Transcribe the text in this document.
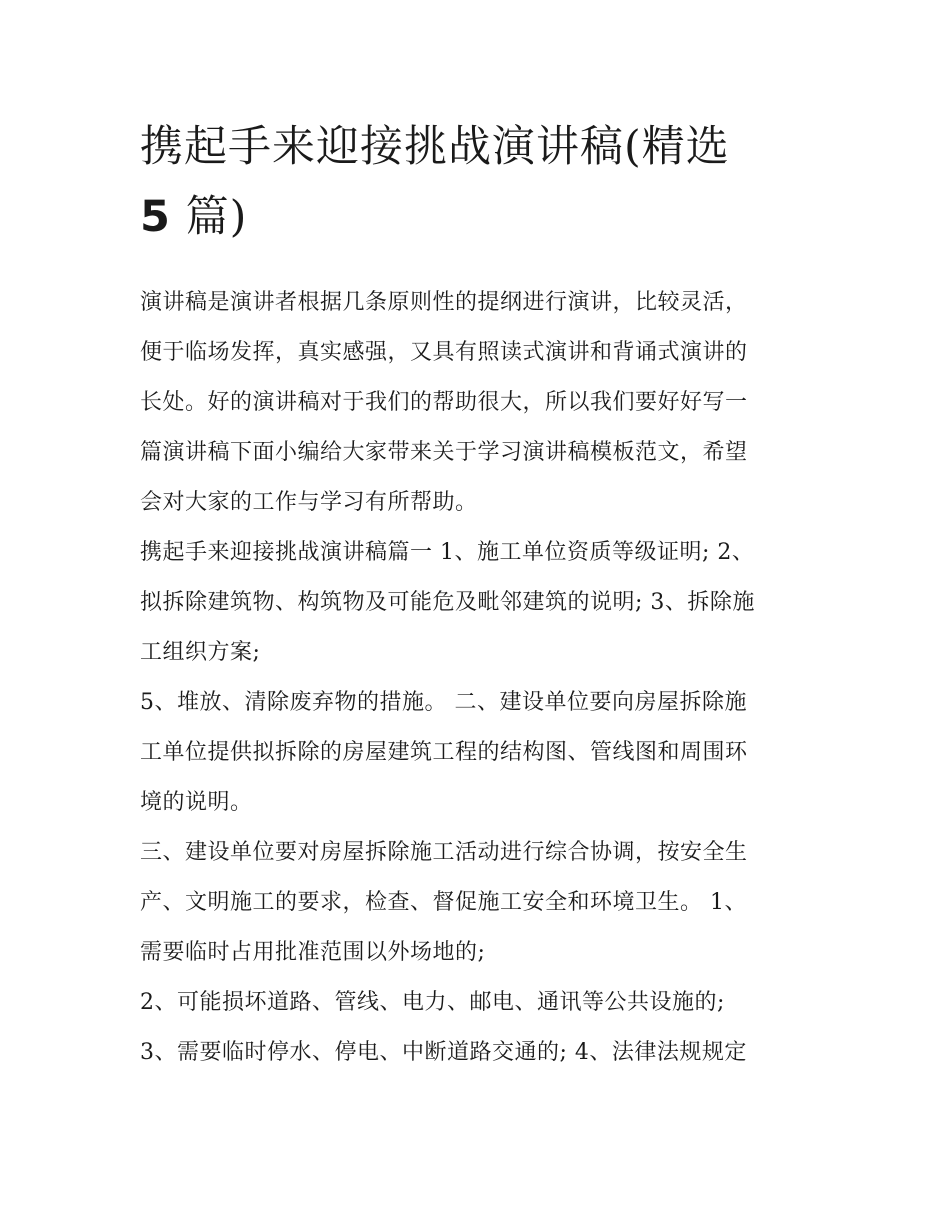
携起手来迎接挑战演讲稿(精选
5 篇)
演讲稿是演讲者根据几条原则性的提纲进行演讲，比较灵活，
便于临场发挥，真实感强，又具有照读式演讲和背诵式演讲的
长处。好的演讲稿对于我们的帮助很大，所以我们要好好写一
篇演讲稿下面小编给大家带来关于学习演讲稿模板范文，希望
会对大家的工作与学习有所帮助。
携起手来迎接挑战演讲稿篇一 1、施工单位资质等级证明; 2、
拟拆除建筑物、构筑物及可能危及毗邻建筑的说明; 3、拆除施
工组织方案;
5、堆放、清除废弃物的措施。 二、建设单位要向房屋拆除施
工单位提供拟拆除的房屋建筑工程的结构图、管线图和周围环
境的说明。
三、建设单位要对房屋拆除施工活动进行综合协调，按安全生
产、文明施工的要求，检查、督促施工安全和环境卫生。 1、
需要临时占用批准范围以外场地的;
2、可能损坏道路、管线、电力、邮电、通讯等公共设施的;
3、需要临时停水、停电、中断道路交通的; 4、法律法规规定
